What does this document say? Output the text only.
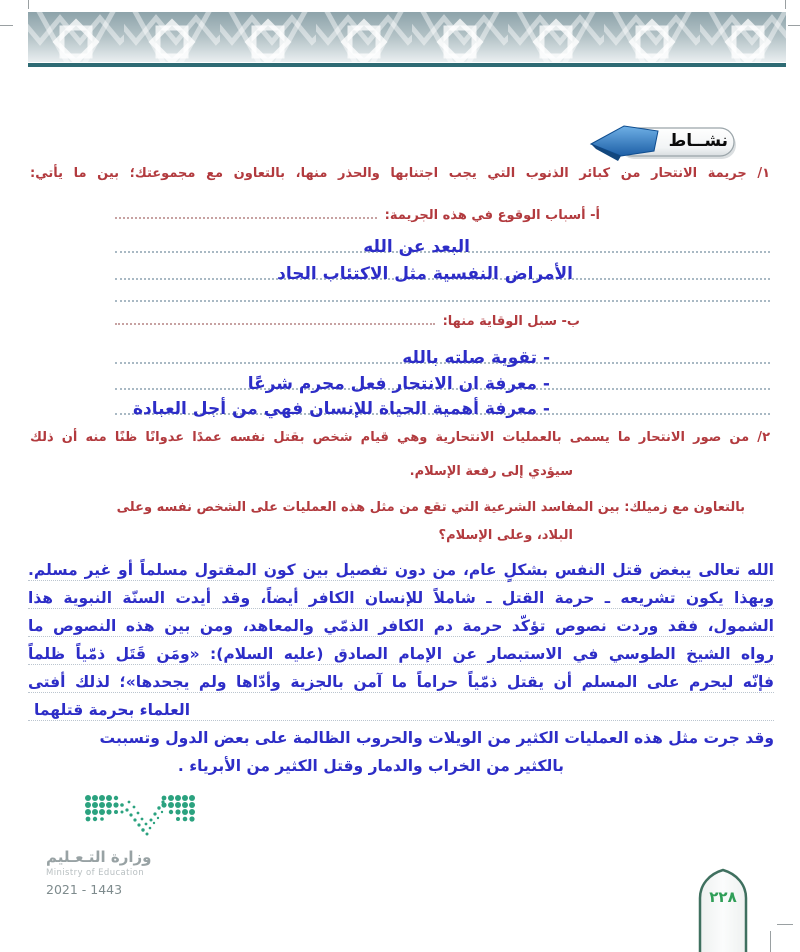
نشــاط
١/ جريمة الانتحار من كبائر الذنوب التي يجب اجتنابها والحذر منها، بالتعاون مع مجموعتك؛ بين ما يأتي:
أ- أسباب الوقوع في هذه الجريمة:
البعد عن الله
الأمراض النفسية مثل الاكتئاب الحاد
ب- سبل الوقاية منها:
- تقوية صلته بالله
- معرفة ان الانتحار فعل محرم شرعًا
- معرفة أهمية الحياة للإنسان فهي من أجل العبادة
٢/ من صور الانتحار ما يسمى بالعمليات الانتحارية وهي قيام شخص بقتل نفسه عمدًا عدوانًا ظنًا منه أن ذلك
سيؤدي إلى رفعة الإسلام.
بالتعاون مع زميلك: بين المفاسد الشرعية التي تقع من مثل هذه العمليات على الشخص نفسه وعلى
البلاد، وعلى الإسلام؟
الله تعالى يبغض قتل النفس بشكلٍ عام، من دون تفصيل بين كون المقتول مسلماً أو غير مسلم.
وبهذا يكون تشريعه ـ حرمة القتل ـ شاملاً للإنسان الكافر أيضاً، وقد أيدت السنّة النبوية هذا
الشمول، فقد وردت نصوص تؤكّد حرمة دم الكافر الذمّي والمعاهد، ومن بين هذه النصوص ما
رواه الشيخ الطوسي في الاستبصار عن الإمام الصادق (عليه السلام): «ومَن قَتَل ذمّياً ظلماً
فإنّه ليحرم على المسلم أن يقتل ذمّياً حراماً ما آمن بالجزية وأدّاها ولم يجحدها»؛ لذلك أفتى
العلماء بحرمة قتلهما
وقد جرت مثل هذه العمليات الكثير من الويلات والحروب الظالمة على بعض الدول وتسببت
بالكثير من الخراب والدمار وقتل الكثير من الأبرياء .
وزارة التـعـليم
Ministry of Education
2021 - 1443	٢٢٨
